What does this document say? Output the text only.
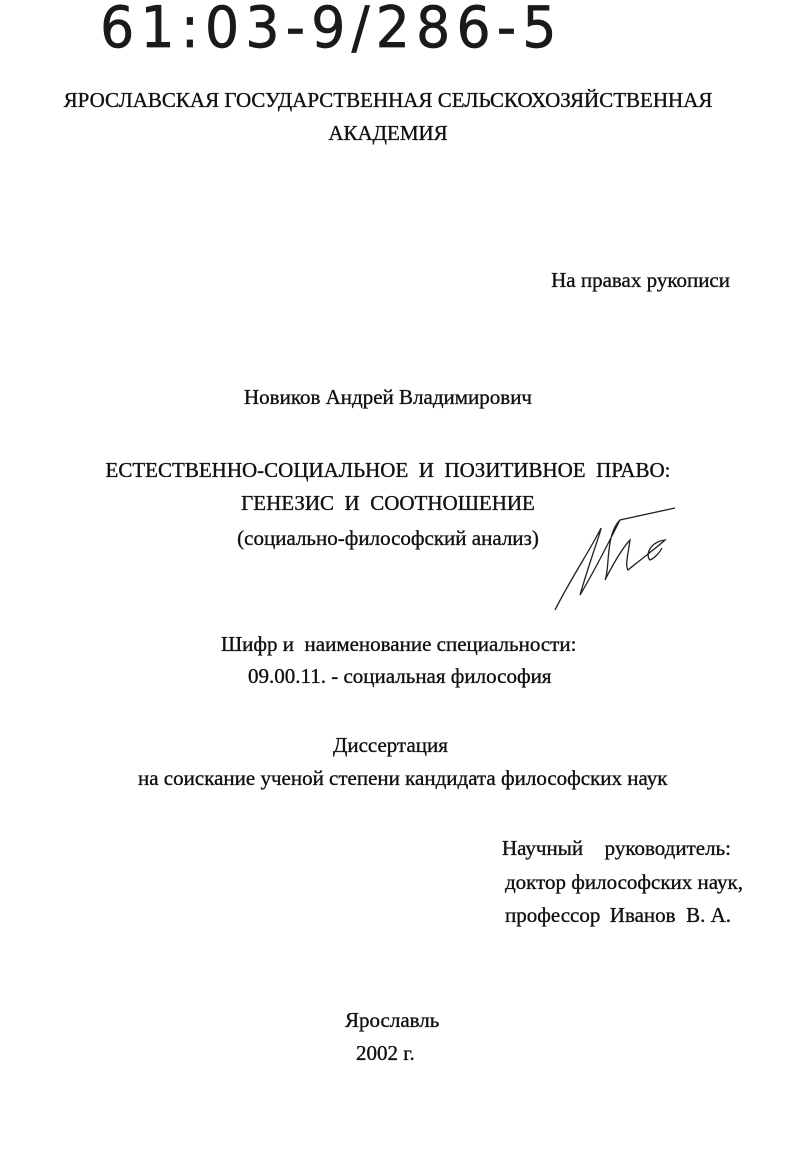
61:03-9/286-5
ЯРОСЛАВСКАЯ ГОСУДАРСТВЕННАЯ СЕЛЬСКОХОЗЯЙСТВЕННАЯ
АКАДЕМИЯ
На правах рукописи
Новиков Андрей Владимирович
ЕСТЕСТВЕННО-СОЦИАЛЬНОЕ  И  ПОЗИТИВНОЕ  ПРАВО:
ГЕНЕЗИС  И  СООТНОШЕНИЕ
(социально-философский анализ)
Шифр и  наименование специальности:
09.00.11. - социальная философия
Диссертация
на соискание ученой степени кандидата философских наук
Научный руководитель:
доктор философских наук,
профессор Иванов  В. А.
Ярославль
2002 г.
